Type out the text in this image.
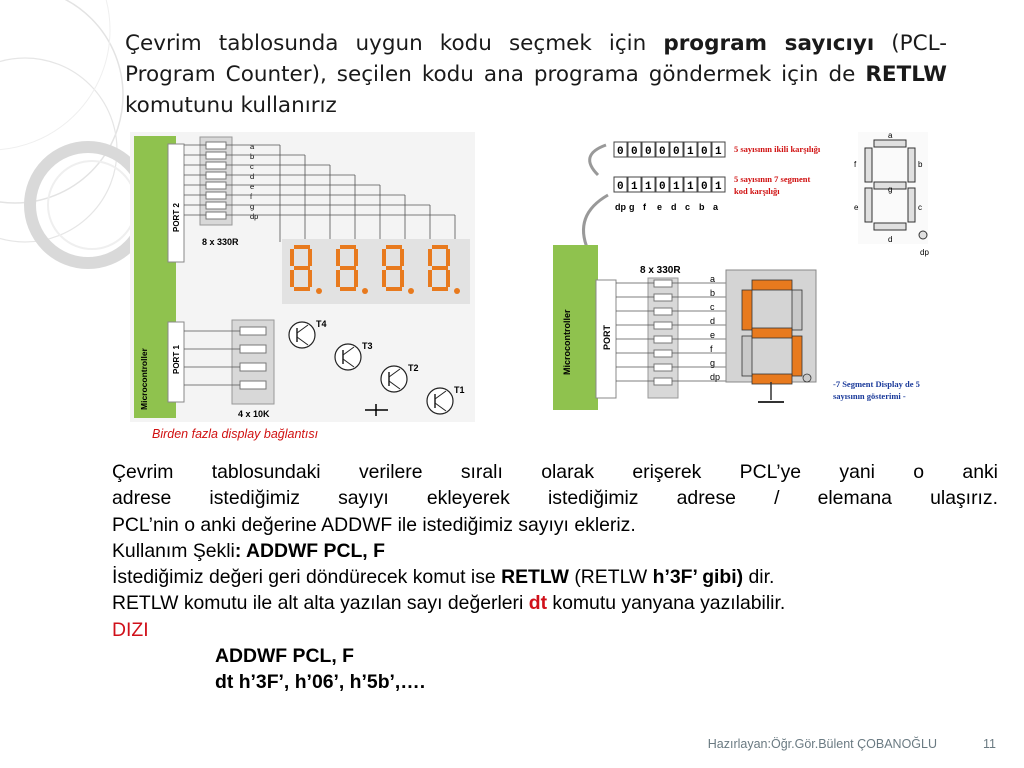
Çevrim tablosunda uygun kodu seçmek için program sayıcıyı (PCL-Program Counter), seçilen kodu ana programa göndermek için de RETLW komutunu kullanırız
Microcontroller
PORT 2
PORT 1
8 x 330R
a
b
c
d
e
f
g
dp
4 x 10K
T4
T3
T2
T1
Birden fazla display bağlantısı
0 0 0 0 0 1 0 1 5 sayısının ikili karşılığı
0 1 1 0 1 1 0 1
5 sayısının 7 segment
kod karşılığı
dp g f e d c b a
a
b
c
d
e
f
g
dp
Microcontroller	PORT
8 x 330R
a
b
c
d
e
f
g
dp
-7 Segment Display de 5
sayısının gösterimi -
Çevrim tablosundaki verilere sıralı olarak erişerek PCL’ye yani o anki
adrese istediğimiz sayıyı ekleyerek istediğimiz adrese / elemana ulaşırız.
PCL’nin o anki değerine ADDWF ile istediğimiz sayıyı ekleriz.
Kullanım Şekli: ADDWF PCL, F
İstediğimiz değeri geri döndürecek komut ise RETLW (RETLW h’3F’ gibi) dir.
RETLW komutu ile alt alta yazılan sayı değerleri dt komutu yanyana yazılabilir.
DIZI
ADDWF PCL, F
dt h’3F’, h’06’, h’5b’,….
Hazırlayan:Öğr.Gör.Bülent ÇOBANOĞLU	11
